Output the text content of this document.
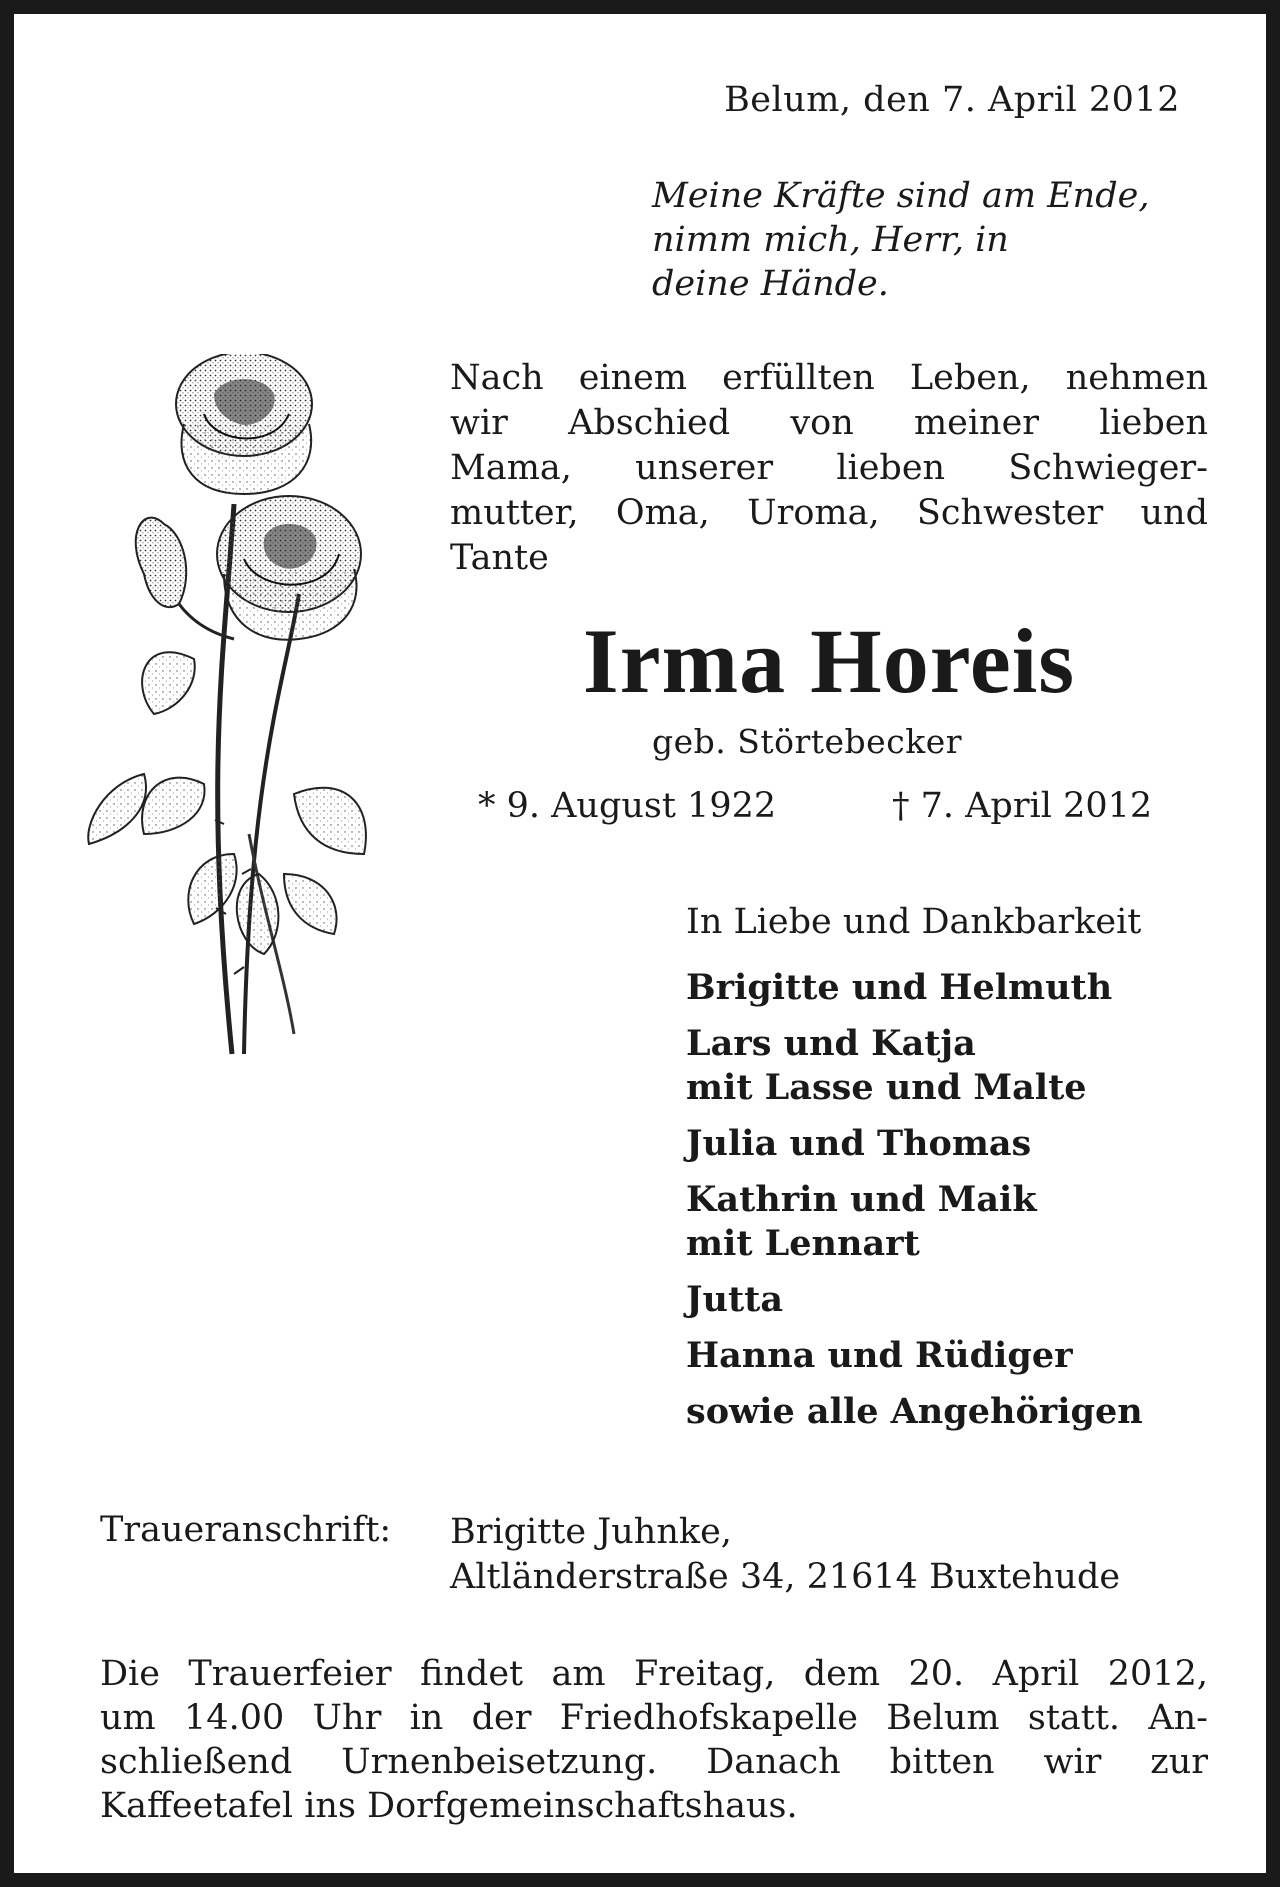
Belum, den 7. April 2012
Meine Kräfte sind am Ende,
nimm mich, Herr, in
deine Hände.
Nach einem erfüllten Leben, nehmen
wir Abschied von meiner lieben
Mama, unserer lieben Schwieger-
mutter, Oma, Uroma, Schwester und
Tante
Irma Horeis
geb. Störtebecker
* 9. August 1922	† 7. April 2012
In Liebe und Dankbarkeit
Brigitte und Helmuth
Lars und Katja
mit Lasse und Malte
Julia und Thomas
Kathrin und Maik
mit Lennart
Jutta
Hanna und Rüdiger
sowie alle Angehörigen
Traueranschrift: Brigitte Juhnke,
Altländerstraße 34, 21614 Buxtehude
Die Trauerfeier findet am Freitag, dem 20. April 2012,
um 14.00 Uhr in der Friedhofskapelle Belum statt. An-
schließend Urnenbeisetzung. Danach bitten wir zur
Kaffeetafel ins Dorfgemeinschaftshaus.
